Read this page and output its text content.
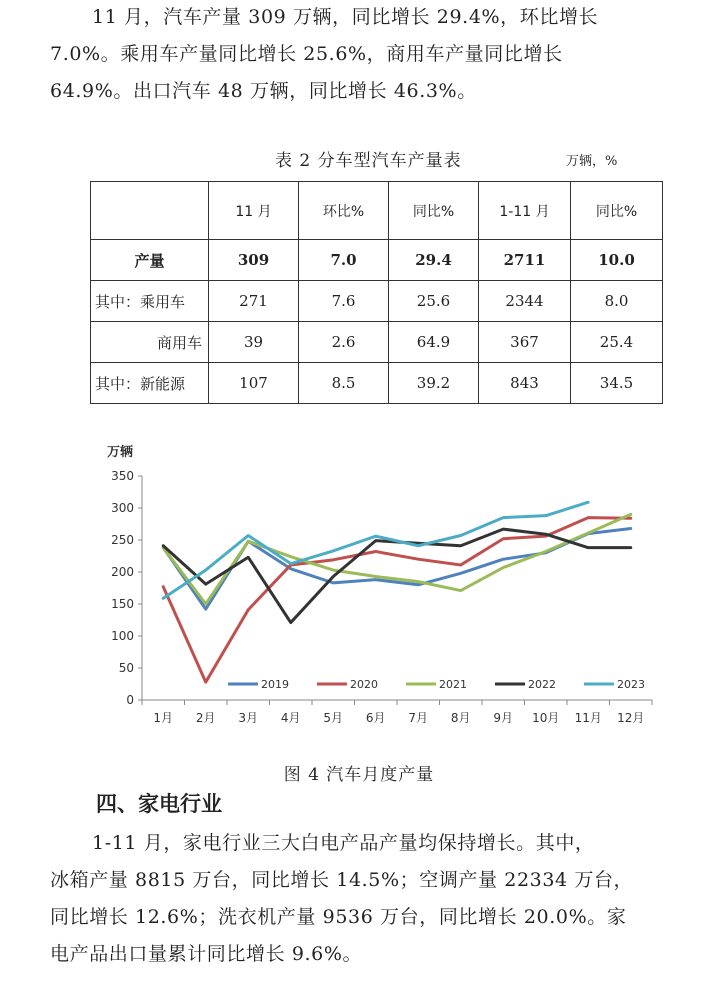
11 月，汽车产量 309 万辆，同比增长 29.4%，环比增长

7.0%。乘用车产量同比增长 25.6%，商用车产量同比增长

64.9%。出口汽车 48 万辆，同比增长 46.3%。

表 2 分车型汽车产量表	万辆，%
	11 月	环比%	同比%	1-11 月	同比%
产量	309	7.0	29.4	2711	10.0
其中：乘用车	271	7.6	25.6	2344	8.0
商用车	39	2.6	64.9	367	25.4
其中：新能源	107	8.5	39.2	843	34.5
万辆
0
50
100
150
200
250
300
350
1月 2月 3月 4月 5月 6月 7月 8月 9月 10月 11月 12月
2019	2020	2021	2022	2023
图 4 汽车月度产量
四、家电行业

1-11 月，家电行业三大白电产品产量均保持增长。其中，

冰箱产量 8815 万台，同比增长 14.5%；空调产量 22334 万台，

同比增长 12.6%；洗衣机产量 9536 万台，同比增长 20.0%。家

电产品出口量累计同比增长 9.6%。
